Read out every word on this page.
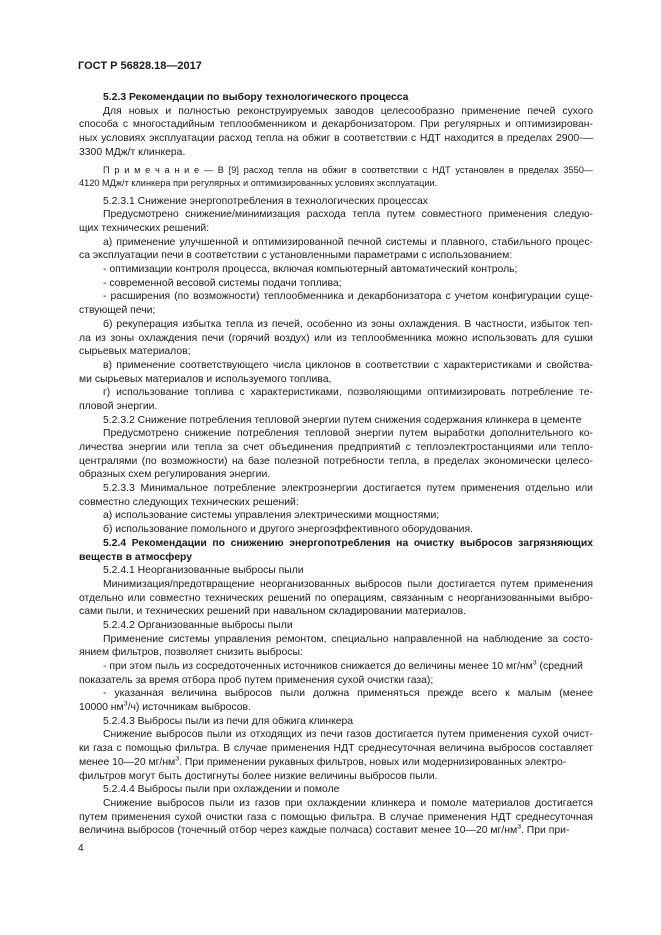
ГОСТ Р 56828.18—2017
5.2.3 Рекомендации по выбору технологического процесса
Для новых и полностью реконструируемых заводов целесообразно применение печей сухого
способа с многостадийным теплообменником и декарбонизатором. При регулярных и оптимизирован-
ных условиях эксплуатации расход тепла на обжиг в соответствии с НДТ находится в пределах 2900-—
3300 МДж/т клинкера.
П р и м е ч а н и е — В [9] расход тепла на обжиг в соответствии с НДТ установлен в пределах 3550—
4120 МДж/т клинкера при регулярных и оптимизированных условиях эксплуатации.
5.2.3.1 Снижение энергопотребления в технологических процессах
Предусмотрено снижение/минимизация расхода тепла путем совместного применения следую-
щих технических решений:
а) применение улучшенной и оптимизированной печной системы и плавного, стабильного процес-
са эксплуатации печи в соответствии с установленными параметрами с использованием:
- оптимизации контроля процесса, включая компьютерный автоматический контроль;
- современной весовой системы подачи топлива;
- расширения (по возможности) теплообменника и декарбонизатора с учетом конфигурации суще-
ствующей печи;
б) рекуперация избытка тепла из печей, особенно из зоны охлаждения. В частности, избыток теп-
ла из зоны охлаждения печи (горячий воздух) или из теплообменника можно использовать для сушки
сырьевых материалов;
в) применение соответствующего числа циклонов в соответствии с характеристиками и свойства-
ми сырьевых материалов и используемого топлива,
г) использование топлива с характеристиками, позволяющими оптимизировать потребление те-
пловой энергии.
5.2.3.2 Снижение потребления тепловой энергии путем снижения содержания клинкера в цементе
Предусмотрено снижение потребления тепловой энергии путем выработки дополнительного ко-
личества энергии или тепла за счет объединения предприятий с теплоэлектростанциями или тепло-
централями (по возможности) на базе полезной потребности тепла, в пределах экономически целесо-
образных схем регулирования энергии.
5.2.3.3 Минимальное потребление электроэнергии достигается путем применения отдельно или
совместно следующих технических решений:
а) использование системы управления электрическими мощностями;
б) использование помольного и другого энергоэффективного оборудования.
5.2.4 Рекомендации по снижению энергопотребления на очистку выбросов загрязняющих
веществ в атмосферу
5.2.4.1 Неорганизованные выбросы пыли
Минимизация/предотвращение неорганизованных выбросов пыли достигается путем применения
отдельно или совместно технических решений по операциям, связанным с неорганизованными выбро-
сами пыли, и технических решений при навальном складировании материалов.
5.2.4.2 Организованные выбросы пыли
Применение системы управления ремонтом, специально направленной на наблюдение за состо-
янием фильтров, позволяет снизить выбросы:
- при этом пыль из сосредоточенных источников снижается до величины менее 10 $мг/нм^3$ (средний
показатель за время отбора проб путем применения сухой очистки газа);
- указанная величина выбросов пыли должна применяться прежде всего к малым (менее
10000 $нм^3/ч$) источникам выбросов.
5.2.4.3 Выбросы пыли из печи для обжига клинкера
Снижение выбросов пыли из отходящих из печи газов достигается путем применения сухой очист-
ки газа с помощью фильтра. В случае применения НДТ среднесуточная величина выбросов составляет
менее 10—20 $мг/нм^3$. При применении рукавных фильтров, новых или модернизированных электро-
фильтров могут быть достигнуты более низкие величины выбросов пыли.
5.2.4.4 Выбросы пыли при охлаждении и помоле
Снижение выбросов пыли из газов при охлаждении клинкера и помоле материалов достигается
путем применения сухой очистки газа с помощью фильтра. В случае применения НДТ среднесуточная
величина выбросов (точечный отбор через каждые полчаса) составит менее 10—20 $мг/нм^3$. При при-
4
